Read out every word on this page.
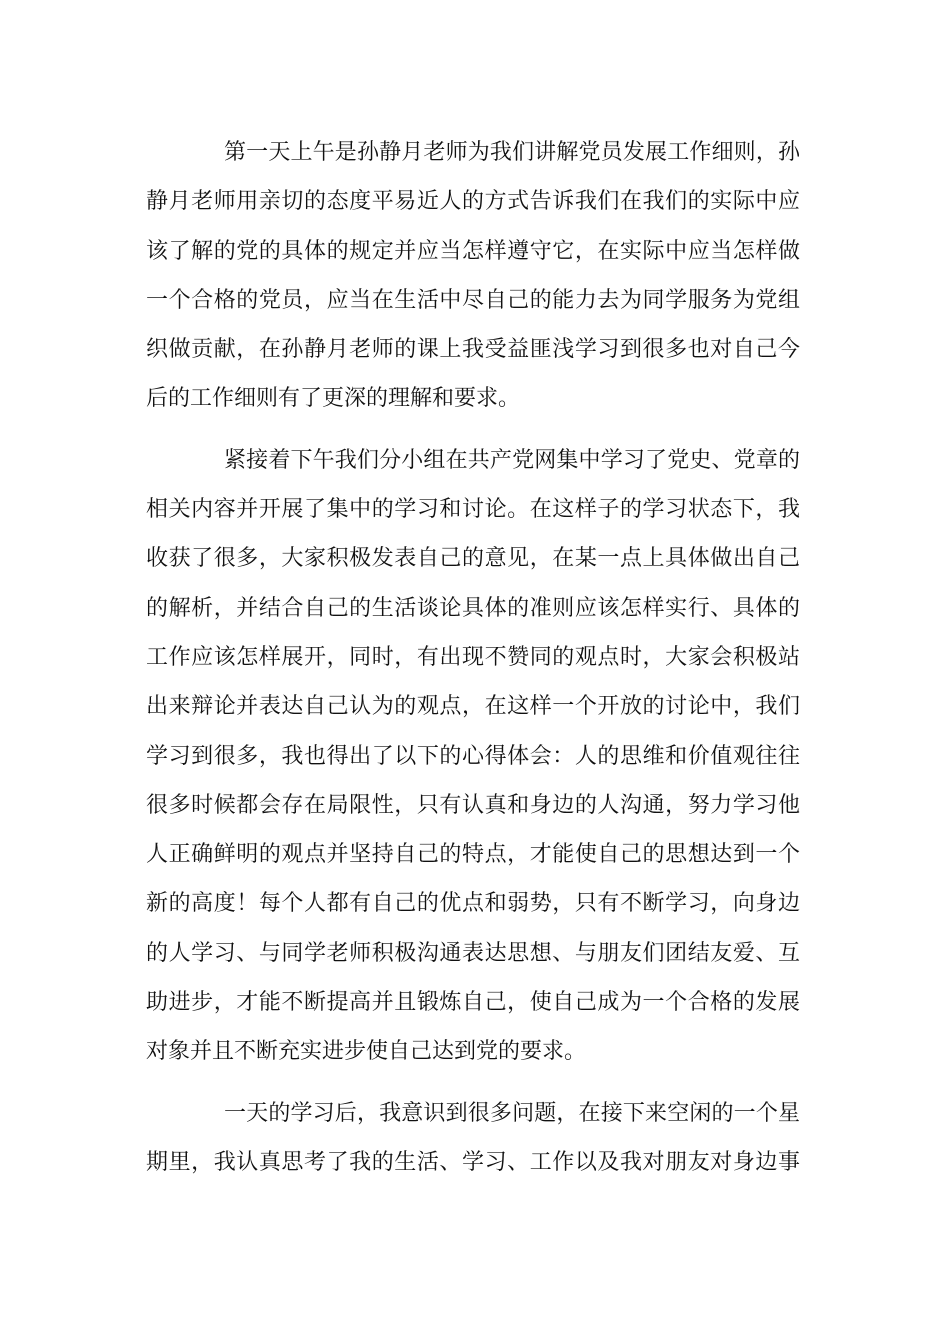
第一天上午是孙静月老师为我们讲解党员发展工作细则，孙
静月老师用亲切的态度平易近人的方式告诉我们在我们的实际中应
该了解的党的具体的规定并应当怎样遵守它，在实际中应当怎样做
一个合格的党员，应当在生活中尽自己的能力去为同学服务为党组
织做贡献，在孙静月老师的课上我受益匪浅学习到很多也对自己今
后的工作细则有了更深的理解和要求。
紧接着下午我们分小组在共产党网集中学习了党史、党章的
相关内容并开展了集中的学习和讨论。在这样子的学习状态下，我
收获了很多，大家积极发表自己的意见，在某一点上具体做出自己
的解析，并结合自己的生活谈论具体的准则应该怎样实行、具体的
工作应该怎样展开，同时，有出现不赞同的观点时，大家会积极站
出来辩论并表达自己认为的观点，在这样一个开放的讨论中，我们
学习到很多，我也得出了以下的心得体会：人的思维和价值观往往
很多时候都会存在局限性，只有认真和身边的人沟通，努力学习他
人正确鲜明的观点并坚持自己的特点，才能使自己的思想达到一个
新的高度！每个人都有自己的优点和弱势，只有不断学习，向身边
的人学习、与同学老师积极沟通表达思想、与朋友们团结友爱、互
助进步，才能不断提高并且锻炼自己，使自己成为一个合格的发展
对象并且不断充实进步使自己达到党的要求。
一天的学习后，我意识到很多问题，在接下来空闲的一个星
期里，我认真思考了我的生活、学习、工作以及我对朋友对身边事
